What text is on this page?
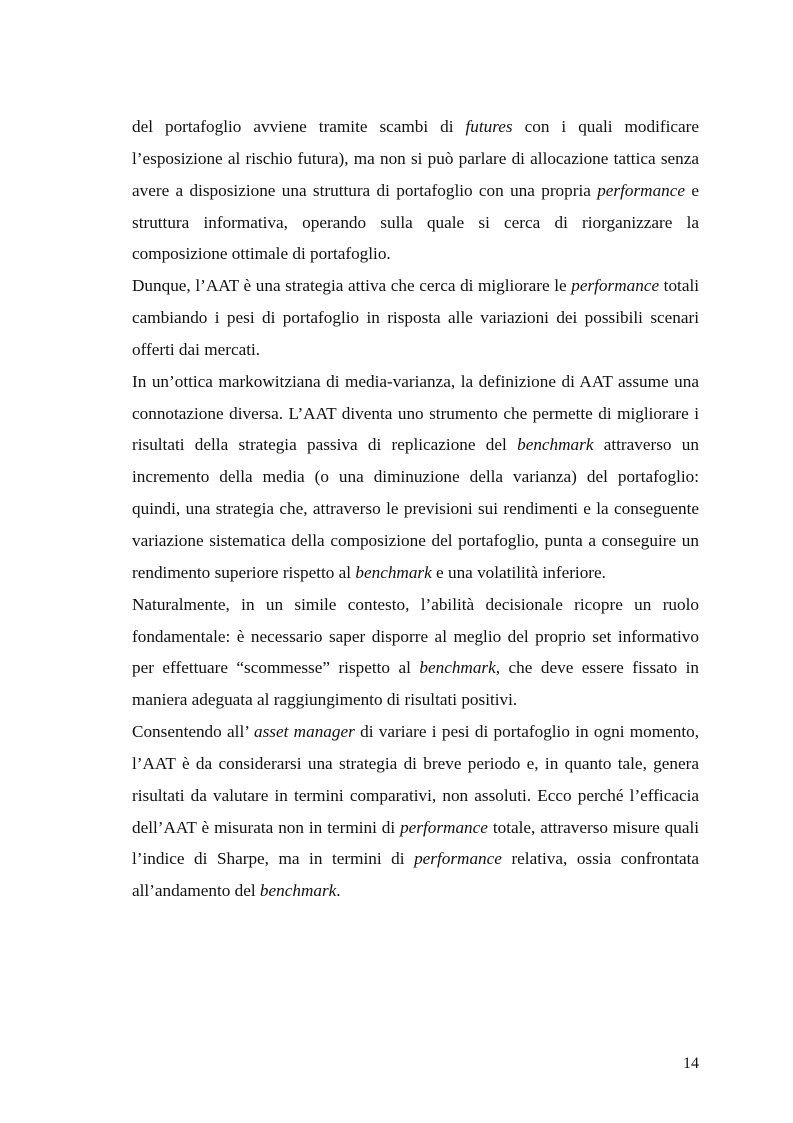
del portafoglio avviene tramite scambi di futures con i quali modificare l’esposizione al rischio futura), ma non si può parlare di allocazione tattica senza avere a disposizione una struttura di portafoglio con una propria performance e struttura informativa, operando sulla quale si cerca di riorganizzare la composizione ottimale di portafoglio.

Dunque, l’AAT è una strategia attiva che cerca di migliorare le performance totali cambiando i pesi di portafoglio in risposta alle variazioni dei possibili scenari offerti dai mercati.

In un’ottica markowitziana di media-varianza, la definizione di AAT assume una connotazione diversa. L’AAT diventa uno strumento che permette di migliorare i risultati della strategia passiva di replicazione del benchmark attraverso un incremento della media (o una diminuzione della varianza) del portafoglio: quindi, una strategia che, attraverso le previsioni sui rendimenti e la conseguente variazione sistematica della composizione del portafoglio, punta a conseguire un rendimento superiore rispetto al benchmark e una volatilità inferiore.

Naturalmente, in un simile contesto, l’abilità decisionale ricopre un ruolo fondamentale: è necessario saper disporre al meglio del proprio set informativo per effettuare “scommesse” rispetto al benchmark, che deve essere fissato in maniera adeguata al raggiungimento di risultati positivi.

Consentendo all’ asset manager di variare i pesi di portafoglio in ogni momento, l’AAT è da considerarsi una strategia di breve periodo e, in quanto tale, genera risultati da valutare in termini comparativi, non assoluti. Ecco perché l’efficacia dell’AAT è misurata non in termini di performance totale, attraverso misure quali l’indice di Sharpe, ma in termini di performance relativa, ossia confrontata all’andamento del benchmark.

14
